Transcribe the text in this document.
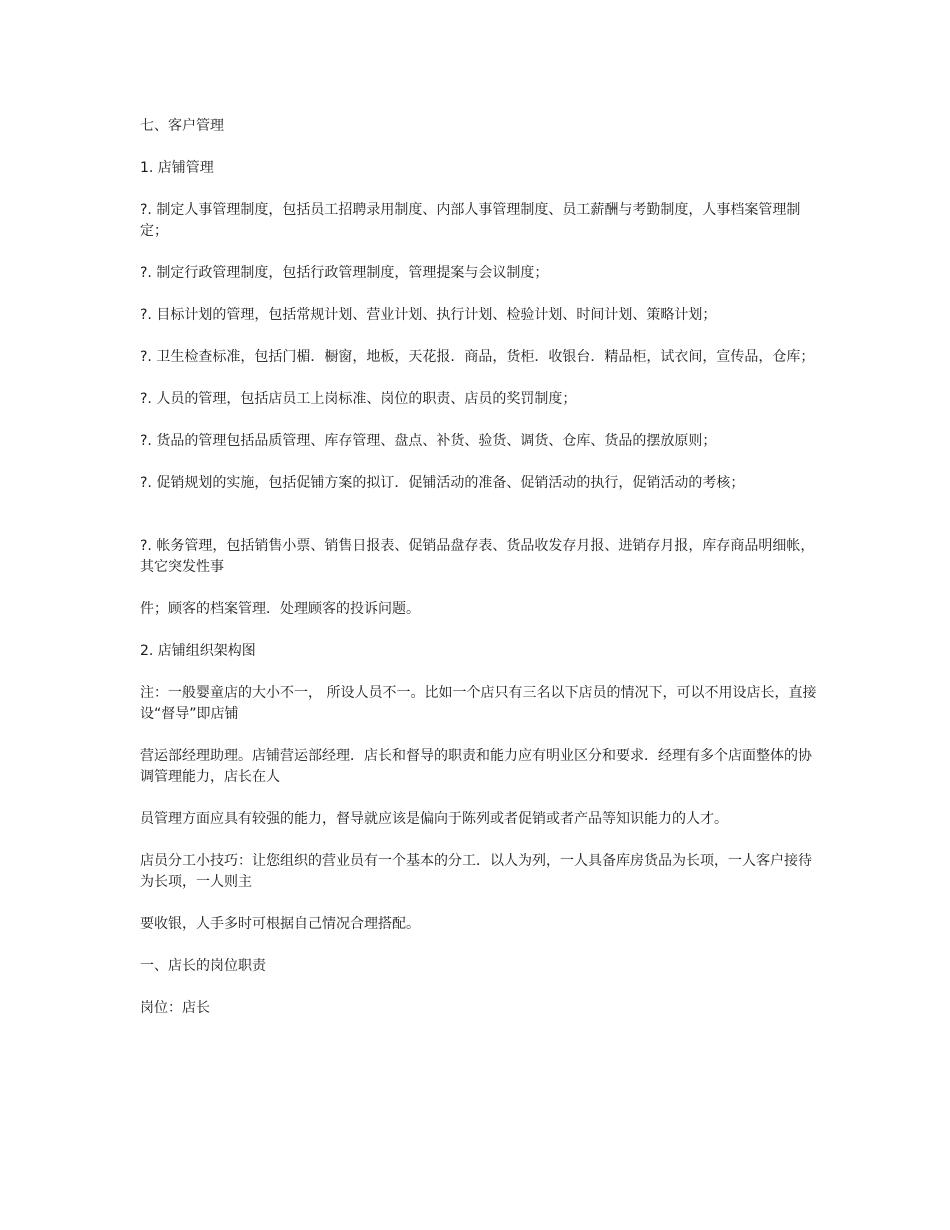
七、客户管理

1. 店铺管理

?. 制定人事管理制度，包括员工招聘录用制度、内部人事管理制度、员工薪酬与考勤制度，人事档案管理制定；

?. 制定行政管理制度，包括行政管理制度，管理提案与会议制度；

?. 目标计划的管理，包括常规计划、营业计划、执行计划、检验计划、时间计划、策略计划；

?. 卫生检查标准，包括门楣．橱窗，地板，天花报．商品，货柜．收银台．精品柜，试衣间，宣传品，仓库；

?. 人员的管理，包括店员工上岗标准、岗位的职责、店员的奖罚制度；

?. 货品的管理包括品质管理、库存管理、盘点、补货、验货、调货、仓库、货品的摆放原则；

?. 促销规划的实施，包括促铺方案的拟订．促铺活动的准备、促销活动的执行，促销活动的考核；

?. 帐务管理，包括销售小票、销售日报表、促销品盘存表、货品收发存月报、进销存月报，库存商品明细帐，其它突发性事

件；顾客的档案管理．处理顾客的投诉问题。

2. 店铺组织架构图

注：一般婴童店的大小不一， 所设人员不一。比如一个店只有三名以下店员的情况下，可以不用设店长，直接设“督导”即店铺

营运部经理助理。店铺营运部经理．店长和督导的职责和能力应有明业区分和要求．经理有多个店面整体的协调管理能力，店长在人

员管理方面应具有较强的能力，督导就应该是偏向于陈列或者促销或者产品等知识能力的人才。

店员分工小技巧：让您组织的营业员有一个基本的分工．以人为列，一人具备库房货品为长项，一人客户接待为长项，一人则主

要收银，人手多时可根据自己情况合理搭配。

一、店长的岗位职责

岗位：店长
